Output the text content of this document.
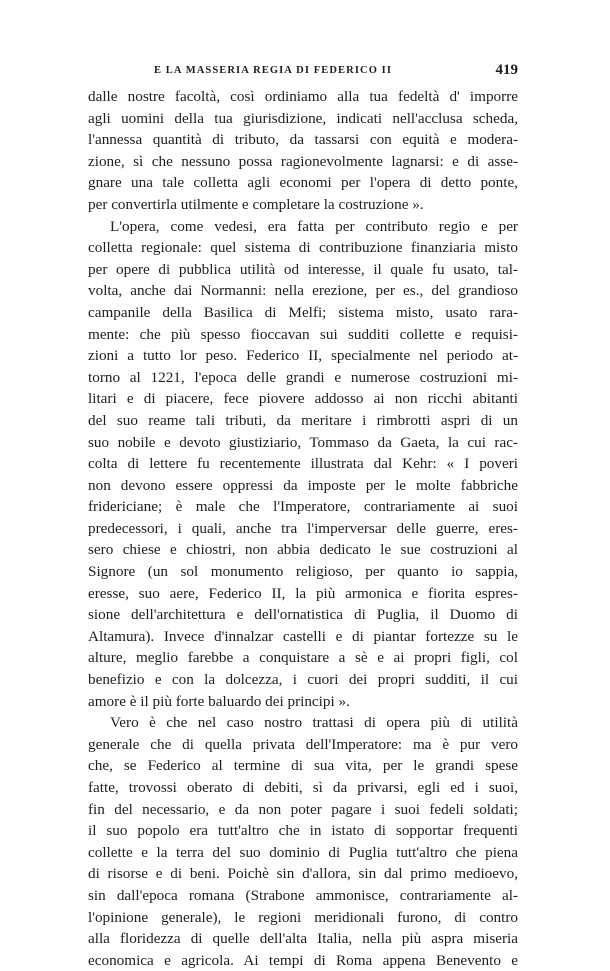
E LA MASSERIA REGIA DI FEDERICO II	419
dalle nostre facoltà, così ordiniamo alla tua fedeltà d' imporre
agli uomini della tua giurisdizione, indicati nell'acclusa scheda,
l'annessa quantità di tributo, da tassarsi con equità e modera-
zione, sì che nessuno possa ragionevolmente lagnarsi: e di asse-
gnare una tale colletta agli economi per l'opera di detto ponte,
per convertirla utilmente e completare la costruzione ».
L'opera, come vedesi, era fatta per contributo regio e per
colletta regionale: quel sistema di contribuzione finanziaria misto
per opere di pubblica utilità od interesse, il quale fu usato, tal-
volta, anche dai Normanni: nella erezione, per es., del grandioso
campanile della Basilica di Melfi; sistema misto, usato rara-
mente: che più spesso fioccavan sui sudditi collette e requisi-
zioni a tutto lor peso. Federico II, specialmente nel periodo at-
torno al 1221, l'epoca delle grandi e numerose costruzioni mi-
litari e di piacere, fece piovere addosso ai non ricchi abitanti
del suo reame tali tributi, da meritare i rimbrotti aspri di un
suo nobile e devoto giustiziario, Tommaso da Gaeta, la cui rac-
colta di lettere fu recentemente illustrata dal Kehr: « I poveri
non devono essere oppressi da imposte per le molte fabbriche
fridericiane; è male che l'Imperatore, contrariamente ai suoi
predecessori, i quali, anche tra l'imperversar delle guerre, eres-
sero chiese e chiostri, non abbia dedicato le sue costruzioni al
Signore (un sol monumento religioso, per quanto io sappia,
eresse, suo aere, Federico II, la più armonica e fiorita espres-
sione dell'architettura e dell'ornatistica di Puglia, il Duomo di
Altamura). Invece d'innalzar castelli e di piantar fortezze su le
alture, meglio farebbe a conquistare a sè e ai propri figli, col
benefizio e con la dolcezza, i cuori dei propri sudditi, il cui
amore è il più forte baluardo dei principi ».
Vero è che nel caso nostro trattasi di opera più di utilità
generale che di quella privata dell'Imperatore: ma è pur vero
che, se Federico al termine di sua vita, per le grandi spese
fatte, trovossi oberato di debiti, sì da privarsi, egli ed i suoi,
fin del necessario, e da non poter pagare i suoi fedeli soldati;
il suo popolo era tutt'altro che in istato di sopportar frequenti
collette e la terra del suo dominio di Puglia tutt'altro che piena
di risorse e di beni. Poichè sin d'allora, sin dal primo medioevo,
sin dall'epoca romana (Strabone ammonisce, contrariamente al-
l'opinione generale), le regioni meridionali furono, di contro
alla floridezza di quelle dell'alta Italia, nella più aspra miseria
economica e agricola. Ai tempi di Roma appena Benevento e
